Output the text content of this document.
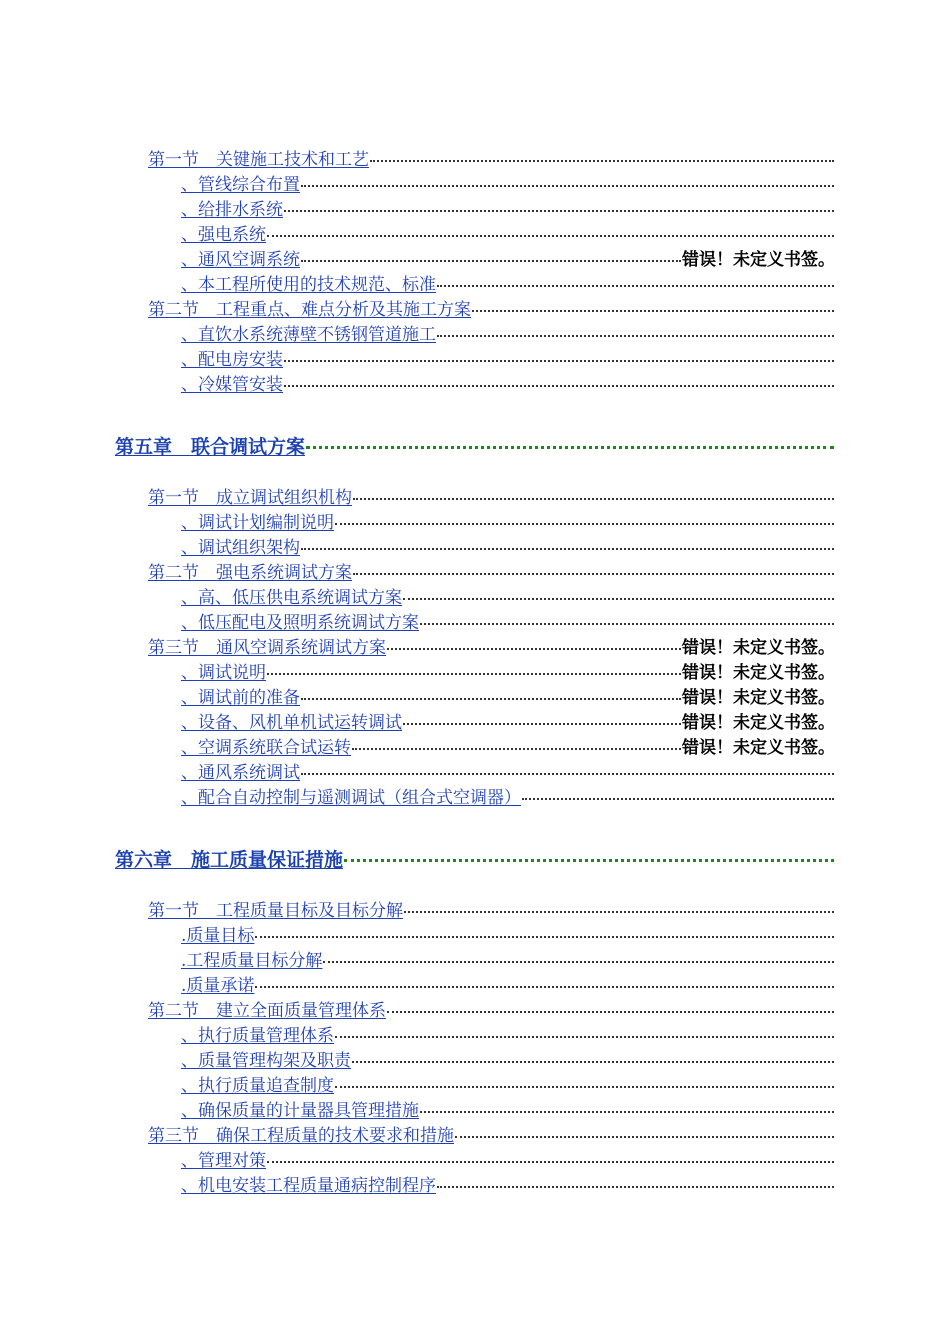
第一节　关键施工技术和工艺
、管线综合布置
、给排水系统
、强电系统
、通风空调系统	错误！未定义书签。
、本工程所使用的技术规范、标准
第二节　工程重点、难点分析及其施工方案
、直饮水系统薄壁不锈钢管道施工
、配电房安装
、冷媒管安装
第五章　联合调试方案
第一节　成立调试组织机构
、调试计划编制说明
、调试组织架构
第二节　强电系统调试方案
、高、低压供电系统调试方案
、低压配电及照明系统调试方案
第三节　通风空调系统调试方案	错误！未定义书签。
、调试说明	错误！未定义书签。
、调试前的准备	错误！未定义书签。
、设备、风机单机试运转调试	错误！未定义书签。
、空调系统联合试运转	错误！未定义书签。
、通风系统调试
、配合自动控制与遥测调试（组合式空调器）
第六章　施工质量保证措施
第一节　工程质量目标及目标分解
.质量目标
.工程质量目标分解
.质量承诺
第二节　建立全面质量管理体系
、执行质量管理体系
、质量管理构架及职责
、执行质量追查制度
、确保质量的计量器具管理措施
第三节　确保工程质量的技术要求和措施
、管理对策
、机电安装工程质量通病控制程序
